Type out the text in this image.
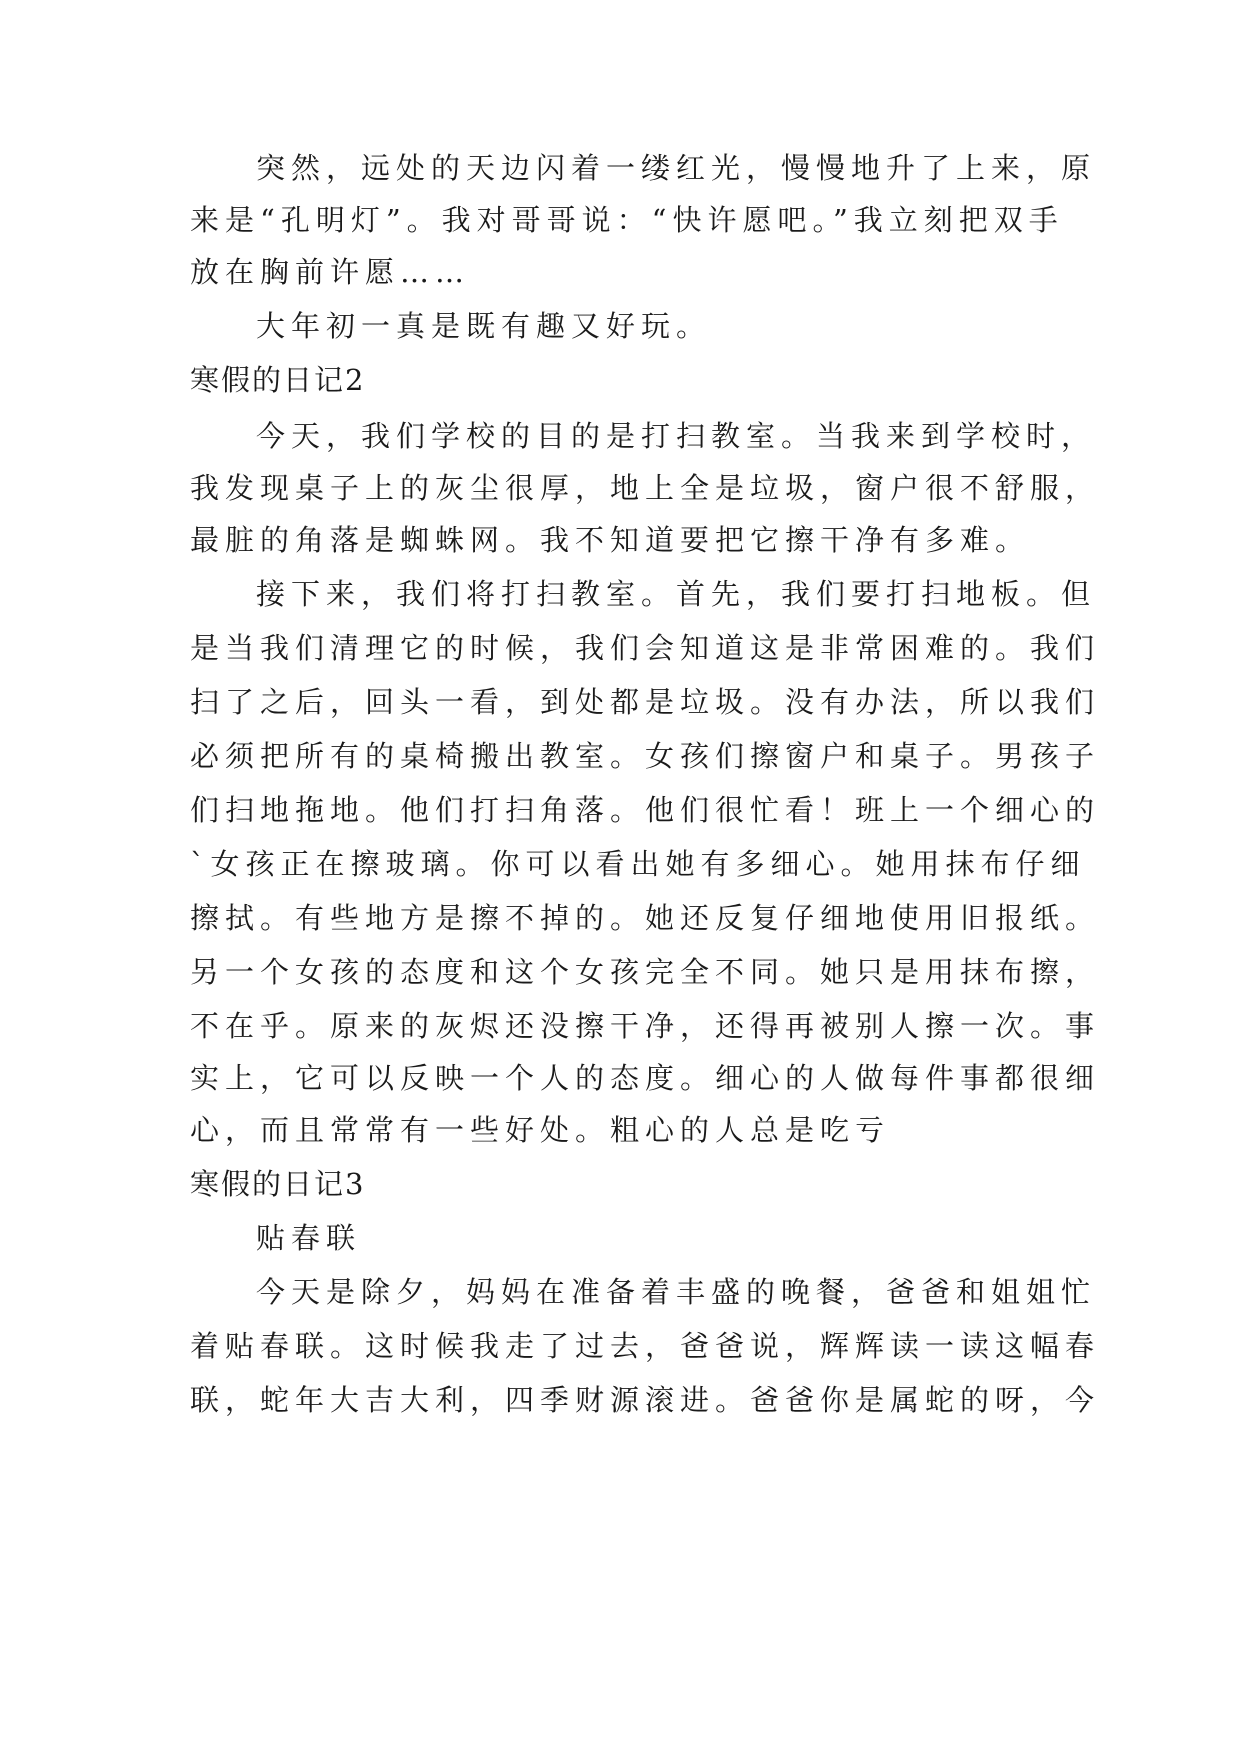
突然，远处的天边闪着一缕红光，慢慢地升了上来，原
来是“孔明灯”。我对哥哥说：“快许愿吧。”我立刻把双手
放在胸前许愿……
大年初一真是既有趣又好玩。
寒假的日记2
今天，我们学校的目的是打扫教室。当我来到学校时，
我发现桌子上的灰尘很厚，地上全是垃圾，窗户很不舒服，
最脏的角落是蜘蛛网。我不知道要把它擦干净有多难。
接下来，我们将打扫教室。首先，我们要打扫地板。但
是当我们清理它的时候，我们会知道这是非常困难的。我们
扫了之后，回头一看，到处都是垃圾。没有办法，所以我们
必须把所有的桌椅搬出教室。女孩们擦窗户和桌子。男孩子
们扫地拖地。他们打扫角落。他们很忙看！班上一个细心的
`女孩正在擦玻璃。你可以看出她有多细心。她用抹布仔细
擦拭。有些地方是擦不掉的。她还反复仔细地使用旧报纸。
另一个女孩的态度和这个女孩完全不同。她只是用抹布擦，
不在乎。原来的灰烬还没擦干净，还得再被别人擦一次。事
实上，它可以反映一个人的态度。细心的人做每件事都很细
心，而且常常有一些好处。粗心的人总是吃亏
寒假的日记3
贴春联
今天是除夕，妈妈在准备着丰盛的晚餐，爸爸和姐姐忙
着贴春联。这时候我走了过去，爸爸说，辉辉读一读这幅春
联，蛇年大吉大利，四季财源滚进。爸爸你是属蛇的呀，今
